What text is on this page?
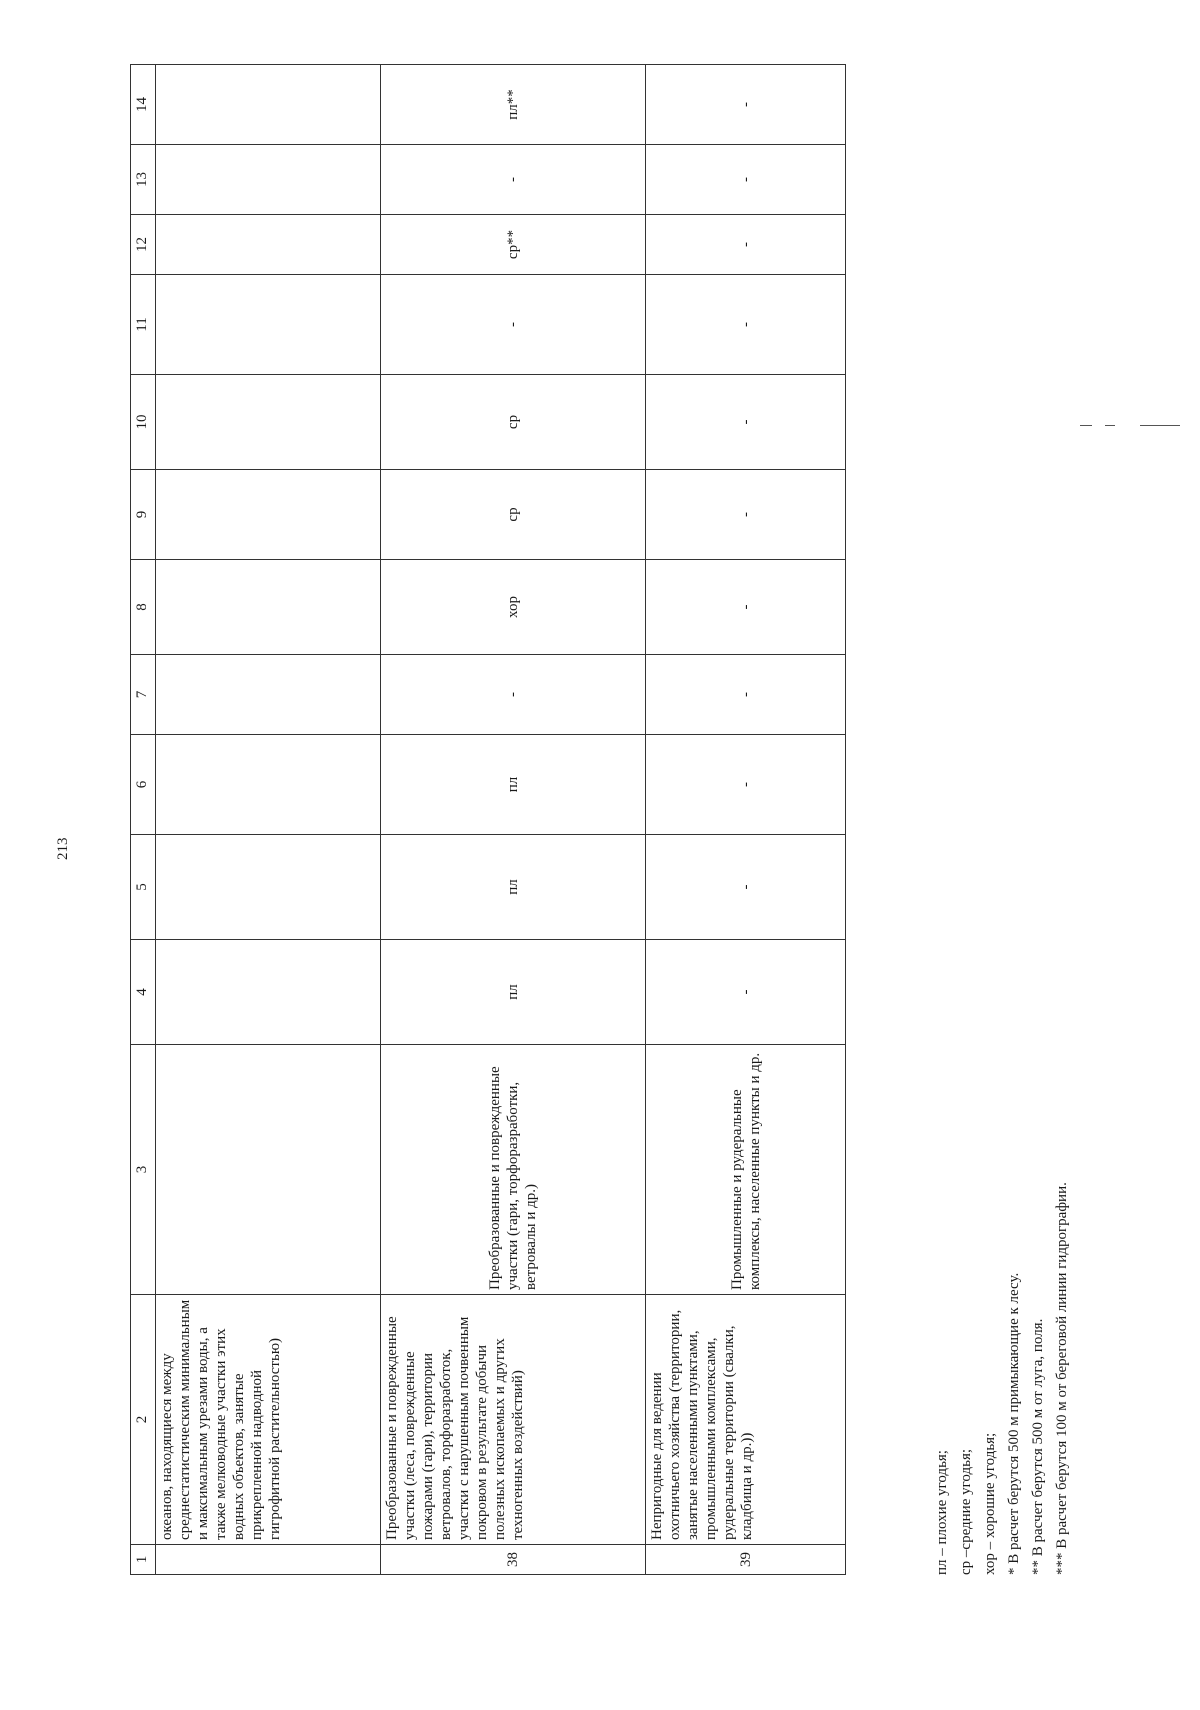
213
1	2	3	4	5	6	7	8	9	10	11	12	13	14
	океанов, находящиеся между среднестатистическим минимальным и максимальным урезами воды, а также мелководные участки этих водных объектов, занятые прикрепленной надводной гигрофитной растительностью)												
38	Преобразованные и поврежденные участки (леса, поврежденные пожарами (гари), территории ветровалов, торфоразработок, участки с нарушенным почвенным покровом в результате добычи полезных ископаемых и других техногенных воздействий)	Преобразованные и поврежденные участки (гари, торфоразработки, ветровалы и др.)	пл	пл	пл	-	хор	ср	ср	-	ср**	-	пл**
39	Непригодные для ведении охотничьего хозяйства (территории, занятые населенными пунктами, промышленными комплексами, рудеральные территории (свалки, кладбища и др.))	Промышленные и рудеральные комплексы, населенные пункты и др.	-	-	-	-	-	-	-	-	-	-	-
пл – плохие угодья; ср –средние угодья; хор – хорошие угодья; * В расчет берутся 500 м примыкающие к лесу. ** В расчет берутся 500 м от луга, поля. *** В расчет берутся 100 м от береговой линии гидрографии.
